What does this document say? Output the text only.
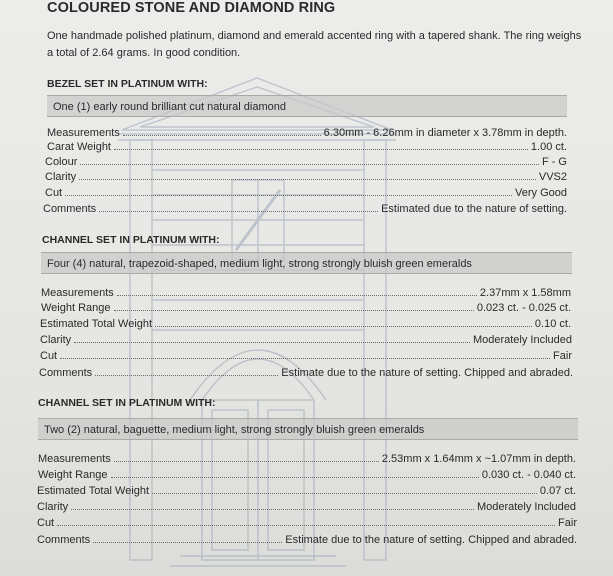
COLOURED STONE AND DIAMOND RING
One handmade polished platinum, diamond and emerald accented ring with a tapered shank. The ring weighs a total of 2.64 grams. In good condition.
BEZEL SET IN PLATINUM WITH:
One (1) early round brilliant cut natural diamond
Measurements	6.30mm - 6.26mm in diameter x 3.78mm in depth.
Carat Weight	1.00 ct.
Colour	F - G
Clarity	VVS2
Cut	Very Good
Comments	Estimated due to the nature of setting.
CHANNEL SET IN PLATINUM WITH:
Four (4) natural, trapezoid-shaped, medium light, strong strongly bluish green emeralds
Measurements	2.37mm x 1.58mm
Weight Range	0.023 ct. - 0.025 ct.
Estimated Total Weight	0.10 ct.
Clarity	Moderately Included
Cut	Fair
Comments	Estimate due to the nature of setting. Chipped and abraded.
CHANNEL SET IN PLATINUM WITH:
Two (2) natural, baguette, medium light, strong strongly bluish green emeralds
Measurements	2.53mm x 1.64mm x ~1.07mm in depth.
Weight Range	0.030 ct. - 0.040 ct.
Estimated Total Weight	0.07 ct.
Clarity	Moderately Included
Cut	Fair
Comments	Estimate due to the nature of setting. Chipped and abraded.
